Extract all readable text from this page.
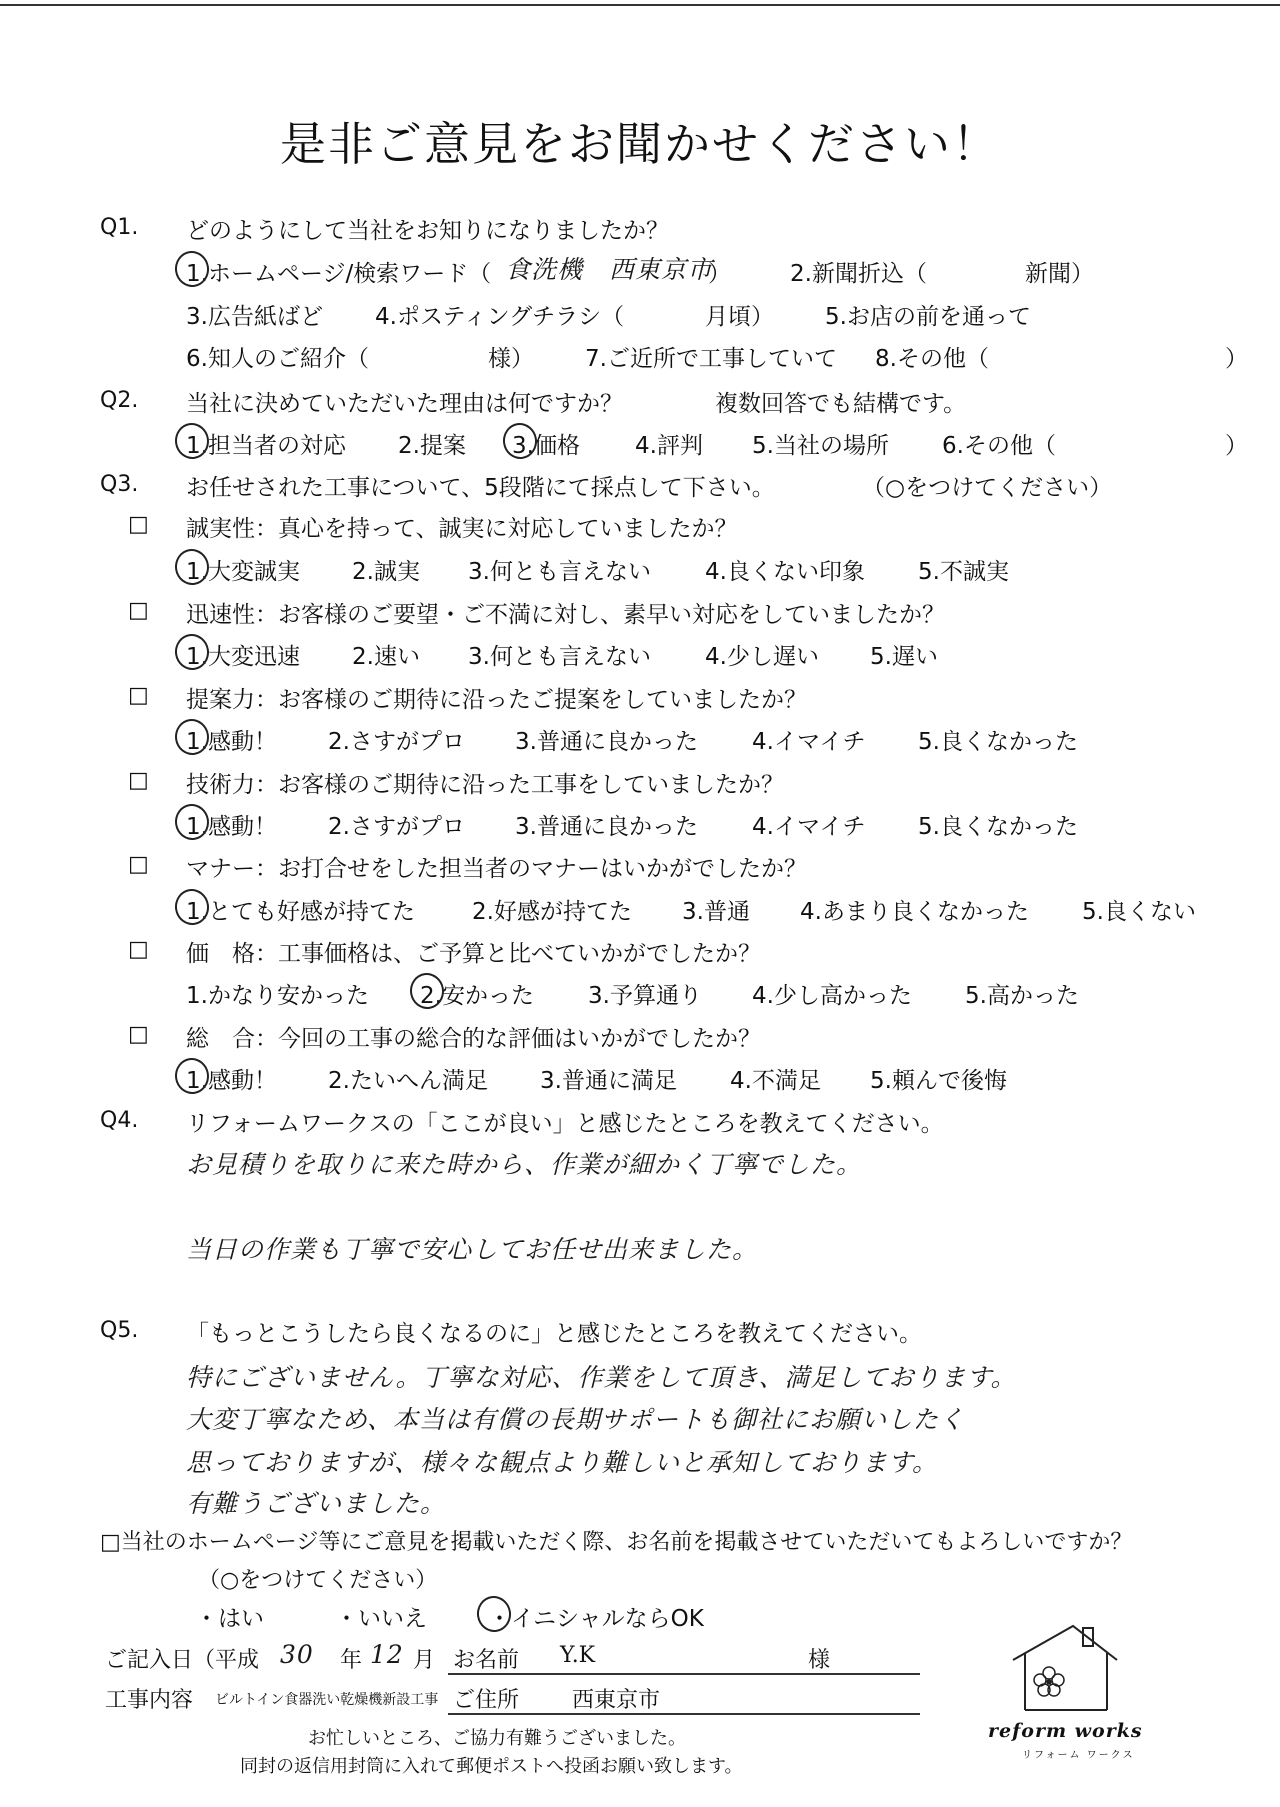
是非ご意見をお聞かせください！
Q1. どのようにして当社をお知りになりましたか？
1.ホームページ/検索ワード（ 食洗機　西東京市
）	2.新聞折込（	新聞）
3.広告紙ばど 4.ポスティングチラシ（	月頃） 5.お店の前を通って
6.知人のご紹介（	様） 7.ご近所で工事していて 8.その他（	）
Q2. 当社に決めていただいた理由は何ですか？	複数回答でも結構です。
1.担当者の対応 2.提案 3.価格 4.評判 5.当社の場所 6.その他（	）
Q3. お任せされた工事について、5段階にて採点して下さい。	（○をつけてください）
□ 誠実性：真心を持って、誠実に対応していましたか？
1.大変誠実 2.誠実 3.何とも言えない 4.良くない印象 5.不誠実
□ 迅速性：お客様のご要望・ご不満に対し、素早い対応をしていましたか？
1.大変迅速 2.速い 3.何とも言えない 4.少し遅い 5.遅い
□ 提案力：お客様のご期待に沿ったご提案をしていましたか？
1.感動！ 2.さすがプロ 3.普通に良かった 4.イマイチ 5.良くなかった
□ 技術力：お客様のご期待に沿った工事をしていましたか？
1.感動！ 2.さすがプロ 3.普通に良かった 4.イマイチ 5.良くなかった
□ マナー：お打合せをした担当者のマナーはいかがでしたか？
1.とても好感が持てた 2.好感が持てた 3.普通 4.あまり良くなかった 5.良くない
□ 価　格：工事価格は、ご予算と比べていかがでしたか？
1.かなり安かった 2.安かった 3.予算通り 4.少し高かった 5.高かった
□ 総　合：今回の工事の総合的な評価はいかがでしたか？
1.感動！ 2.たいへん満足 3.普通に満足 4.不満足 5.頼んで後悔
Q4. リフォームワークスの「ここが良い」と感じたところを教えてください。
お見積りを取りに来た時から、作業が細かく丁寧でした。
当日の作業も丁寧で安心してお任せ出来ました。
Q5. 「もっとこうしたら良くなるのに」と感じたところを教えてください。
特にございません。丁寧な対応、作業をして頂き、満足しております。
大変丁寧なため、本当は有償の長期サポートも御社にお願いしたく
思っておりますが、様々な観点より難しいと承知しております。
有難うございました。
□当社のホームページ等にご意見を掲載いただく際、お名前を掲載させていただいてもよろしいですか？
（○をつけてください）
・はい	・いいえ	・イニシャルならOK
ご記入日（平成 30 年 12 月 お名前 Y.K	様
工事内容 ビルトイン食器洗い乾燥機新設工事 ご住所 西東京市
お忙しいところ、ご協力有難うございました。
同封の返信用封筒に入れて郵便ポストへ投函お願い致します。
reform works
リフォーム ワークス
